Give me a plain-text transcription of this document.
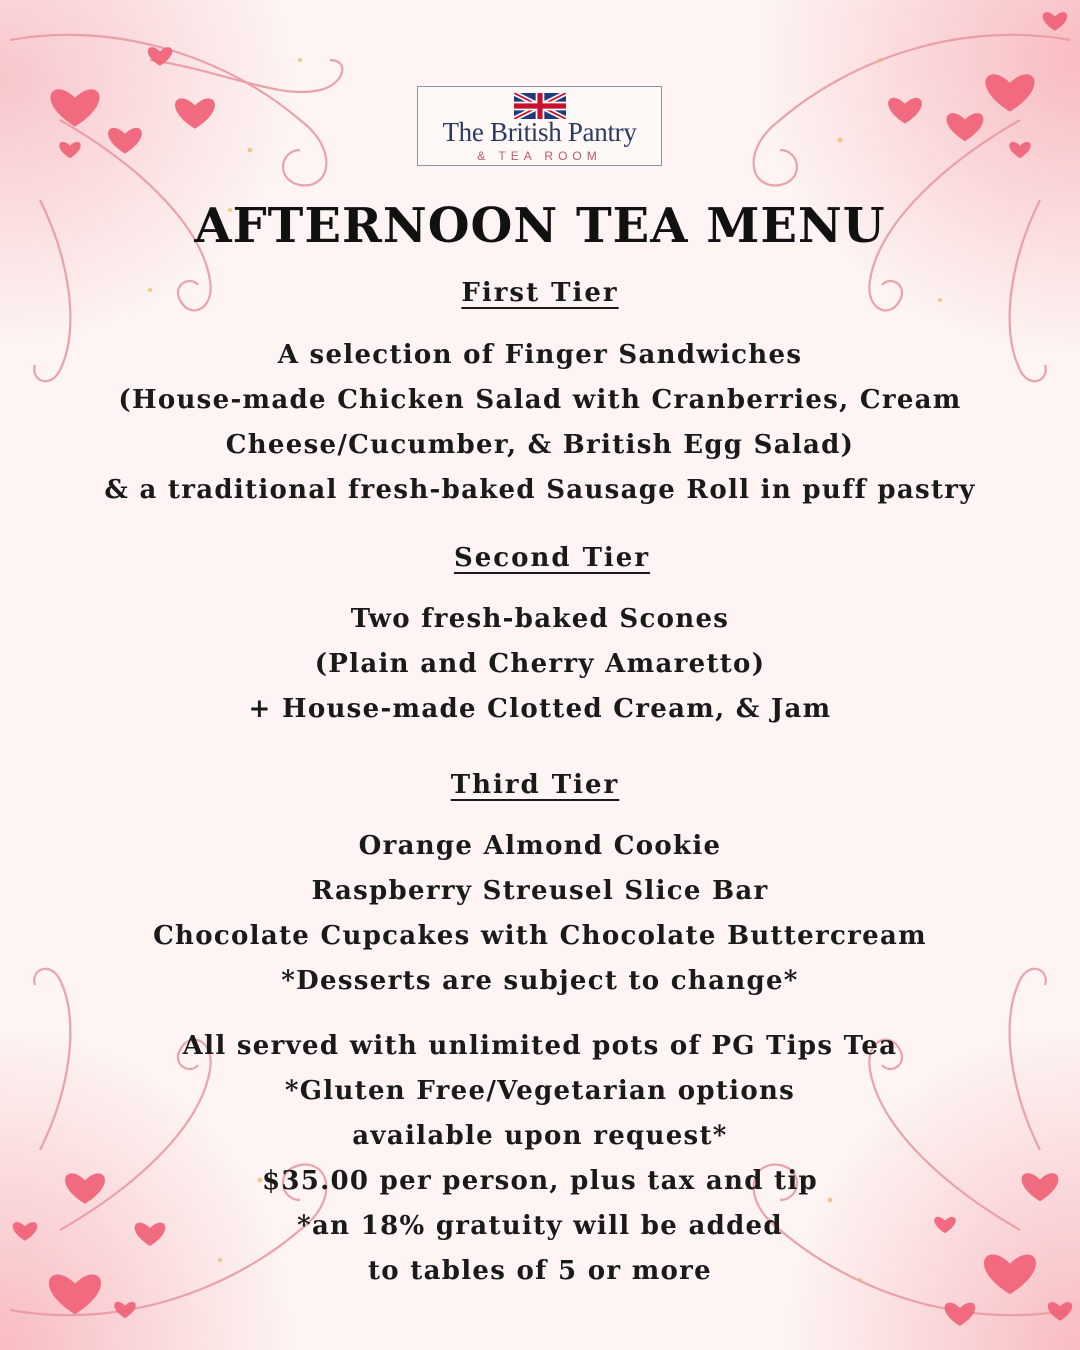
The British Pantry
& TEA ROOM
AFTERNOON TEA MENU
First Tier
A selection of Finger Sandwiches
(House-made Chicken Salad with Cranberries, Cream
Cheese/Cucumber, & British Egg Salad)
& a traditional fresh-baked Sausage Roll in puff pastry
Second Tier
Two fresh-baked Scones
(Plain and Cherry Amaretto)
+ House-made Clotted Cream, & Jam
Third Tier
Orange Almond Cookie
Raspberry Streusel Slice Bar
Chocolate Cupcakes with Chocolate Buttercream
*Desserts are subject to change*
All served with unlimited pots of PG Tips Tea
*Gluten Free/Vegetarian options
available upon request*
$35.00 per person, plus tax and tip
*an 18% gratuity will be added
to tables of 5 or more
